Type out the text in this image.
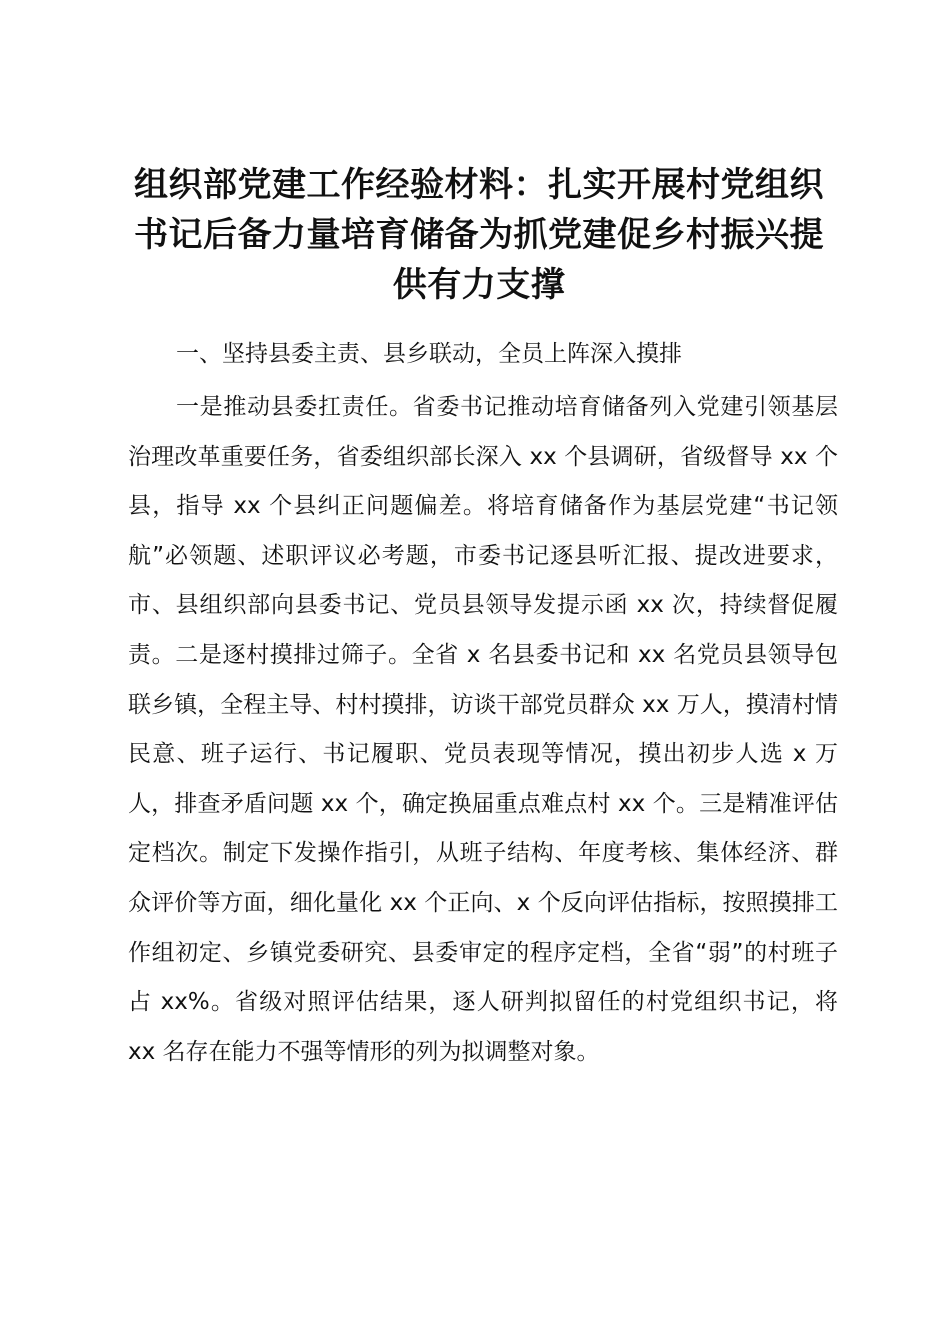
组织部党建工作经验材料：扎实开展村党组织书记后备力量培育储备为抓党建促乡村振兴提供有力支撑

一、坚持县委主责、县乡联动，全员上阵深入摸排

一是推动县委扛责任。省委书记推动培育储备列入党建引领基层治理改革重要任务，省委组织部长深入 xx 个县调研，省级督导 xx 个县，指导 xx 个县纠正问题偏差。将培育储备作为基层党建“书记领航”必领题、述职评议必考题，市委书记逐县听汇报、提改进要求，市、县组织部向县委书记、党员县领导发提示函 xx 次，持续督促履责。二是逐村摸排过筛子。全省 x 名县委书记和 xx 名党员县领导包联乡镇，全程主导、村村摸排，访谈干部党员群众 xx 万人，摸清村情民意、班子运行、书记履职、党员表现等情况，摸出初步人选 x 万人，排查矛盾问题 xx 个，确定换届重点难点村 xx 个。三是精准评估定档次。制定下发操作指引，从班子结构、年度考核、集体经济、群众评价等方面，细化量化 xx 个正向、x 个反向评估指标，按照摸排工作组初定、乡镇党委研究、县委审定的程序定档，全省“弱”的村班子占 xx%。省级对照评估结果，逐人研判拟留任的村党组织书记，将 xx 名存在能力不强等情形的列为拟调整对象。
